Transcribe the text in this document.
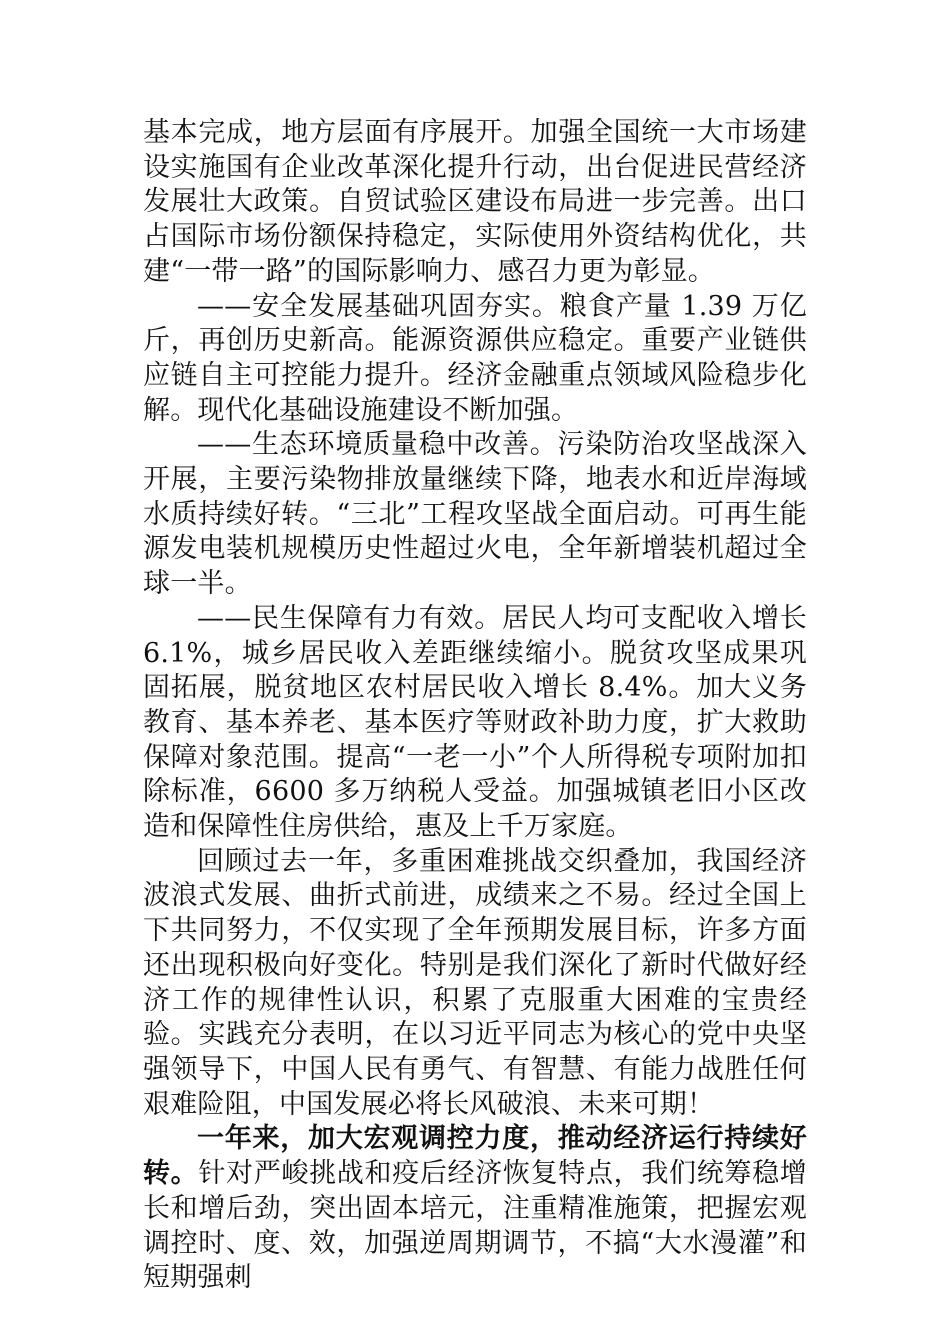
基本完成，地方层面有序展开。加强全国统一大市场建设实施国有企业改革深化提升行动，出台促进民营经济发展壮大政策。自贸试验区建设布局进一步完善。出口占国际市场份额保持稳定，实际使用外资结构优化，共建“一带一路”的国际影响力、感召力更为彰显。

——安全发展基础巩固夯实。粮食产量 1.39 万亿斤，再创历史新高。能源资源供应稳定。重要产业链供应链自主可控能力提升。经济金融重点领域风险稳步化解。现代化基础设施建设不断加强。

——生态环境质量稳中改善。污染防治攻坚战深入开展，主要污染物排放量继续下降，地表水和近岸海域水质持续好转。“三北”工程攻坚战全面启动。可再生能源发电装机规模历史性超过火电，全年新增装机超过全球一半。

——民生保障有力有效。居民人均可支配收入增长 6.1%，城乡居民收入差距继续缩小。脱贫攻坚成果巩固拓展，脱贫地区农村居民收入增长 8.4%。加大义务教育、基本养老、基本医疗等财政补助力度，扩大救助保障对象范围。提高“一老一小”个人所得税专项附加扣除标准，6600 多万纳税人受益。加强城镇老旧小区改造和保障性住房供给，惠及上千万家庭。

回顾过去一年，多重困难挑战交织叠加，我国经济波浪式发展、曲折式前进，成绩来之不易。经过全国上下共同努力，不仅实现了全年预期发展目标，许多方面还出现积极向好变化。特别是我们深化了新时代做好经济工作的规律性认识，积累了克服重大困难的宝贵经验。实践充分表明，在以习近平同志为核心的党中央坚强领导下，中国人民有勇气、有智慧、有能力战胜任何艰难险阻，中国发展必将长风破浪、未来可期！

一年来，加大宏观调控力度，推动经济运行持续好转。针对严峻挑战和疫后经济恢复特点，我们统筹稳增长和增后劲，突出固本培元，注重精准施策，把握宏观调控时、度、效，加强逆周期调节，不搞“大水漫灌”和短期强刺
